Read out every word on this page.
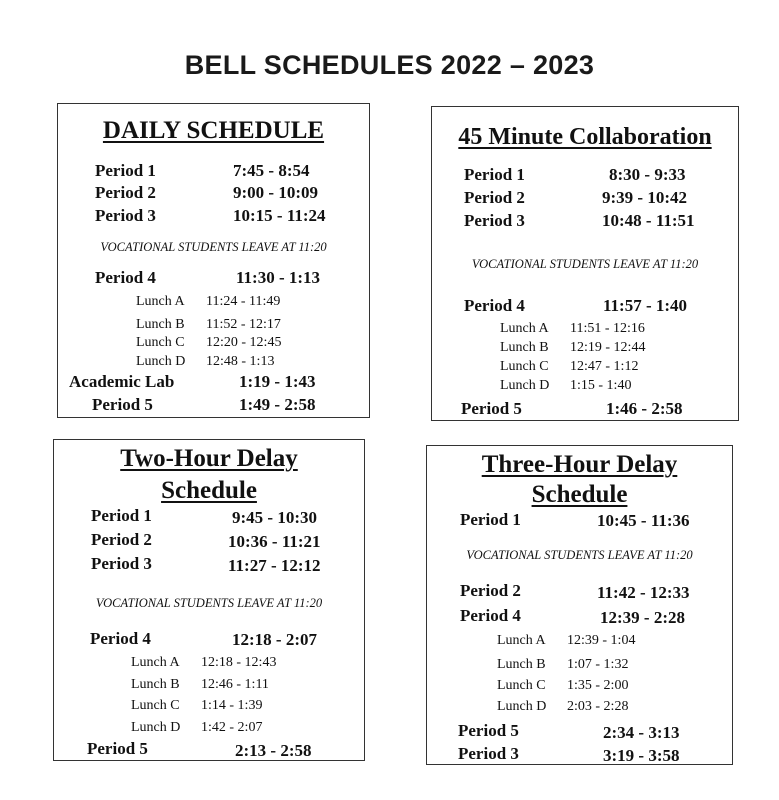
BELL SCHEDULES 2022 – 2023
DAILY SCHEDULE
Period 1	7:45 - 8:54
Period 2	9:00 - 10:09
Period 3	10:15 - 11:24
VOCATIONAL STUDENTS LEAVE AT 11:20
Period 4	11:30 - 1:13
Lunch A 11:24 - 11:49
Lunch B 11:52 - 12:17
Lunch C 12:20 - 12:45
Lunch D 12:48 - 1:13
Academic Lab	1:19 - 1:43
Period 5	1:49 - 2:58
45 Minute Collaboration
Period 1	8:30 - 9:33
Period 2	9:39 - 10:42
Period 3	10:48 - 11:51
VOCATIONAL STUDENTS LEAVE AT 11:20
Period 4	11:57 - 1:40
Lunch A 11:51 - 12:16
Lunch B 12:19 - 12:44
Lunch C 12:47 - 1:12
Lunch D 1:15 - 1:40
Period 5	1:46 - 2:58
Two-Hour Delay
Schedule
Period 1	9:45 - 10:30
Period 2	10:36 - 11:21
Period 3	11:27 - 12:12
VOCATIONAL STUDENTS LEAVE AT 11:20
Period 4	12:18 - 2:07
Lunch A 12:18 - 12:43
Lunch B 12:46 - 1:11
Lunch C 1:14 - 1:39
Lunch D 1:42 - 2:07
Period 5	2:13 - 2:58
Three-Hour Delay
Schedule
Period 1	10:45 - 11:36
VOCATIONAL STUDENTS LEAVE AT 11:20
Period 2	11:42 - 12:33
Period 4	12:39 - 2:28
Lunch A 12:39 - 1:04
Lunch B 1:07 - 1:32
Lunch C 1:35 - 2:00
Lunch D 2:03 - 2:28
Period 5	2:34 - 3:13
Period 3	3:19 - 3:58
